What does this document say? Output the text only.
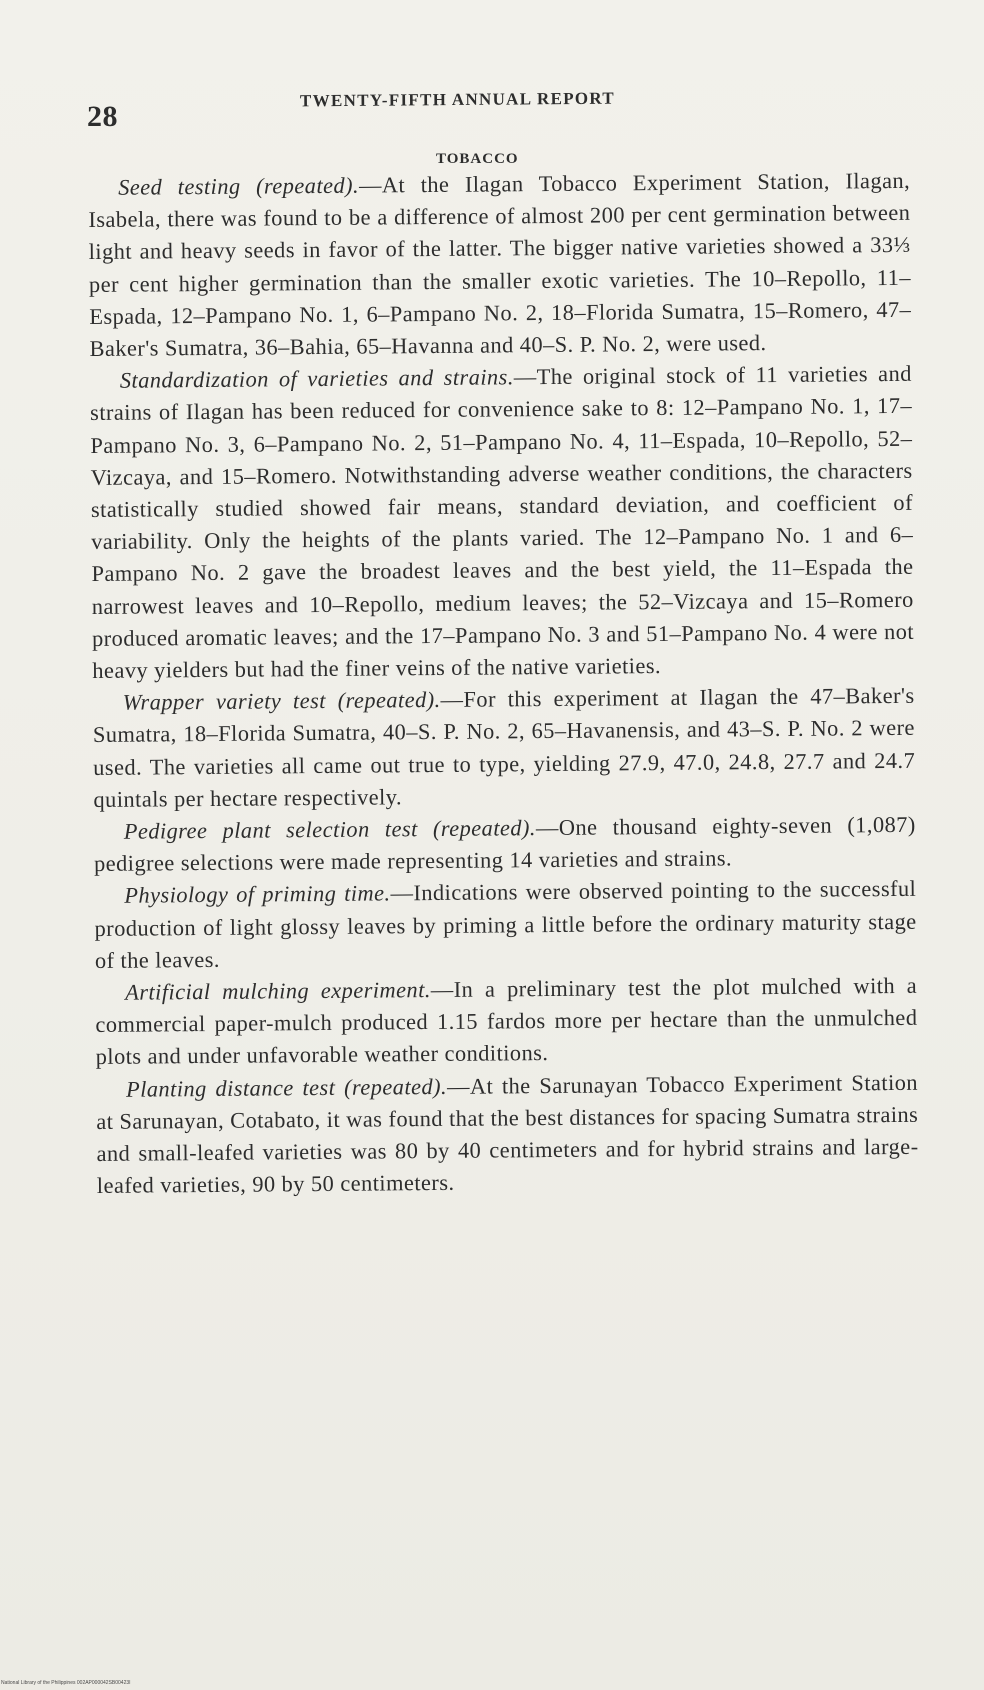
28
TWENTY-FIFTH ANNUAL REPORT
TOBACCO

Seed testing (repeated).—At the Ilagan Tobacco Experiment Station, Ilagan, Isabela, there was found to be a difference of almost 200 per cent germination between light and heavy seeds in favor of the latter. The bigger native varieties showed a 33⅓ per cent higher germination than the smaller exotic varieties. The 10–Repollo, 11–Espada, 12–Pampano No. 1, 6–Pampano No. 2, 18–Florida Sumatra, 15–Romero, 47–Baker's Sumatra, 36–Bahia, 65–Havanna and 40–S. P. No. 2, were used.

Standardization of varieties and strains.—The original stock of 11 varieties and strains of Ilagan has been reduced for convenience sake to 8: 12–Pampano No. 1, 17–Pampano No. 3, 6–Pampano No. 2, 51–Pampano No. 4, 11–Espada, 10–Repollo, 52–Vizcaya, and 15–Romero. Notwithstanding adverse weather conditions, the characters statistically studied showed fair means, standard deviation, and coefficient of variability. Only the heights of the plants varied. The 12–Pampano No. 1 and 6–Pampano No. 2 gave the broadest leaves and the best yield, the 11–Espada the narrowest leaves and 10–Repollo, medium leaves; the 52–Vizcaya and 15–Romero produced aromatic leaves; and the 17–Pampano No. 3 and 51–Pampano No. 4 were not heavy yielders but had the finer veins of the native varieties.

Wrapper variety test (repeated).—For this experiment at Ilagan the 47–Baker's Sumatra, 18–Florida Sumatra, 40–S. P. No. 2, 65–Havanensis, and 43–S. P. No. 2 were used. The varieties all came out true to type, yielding 27.9, 47.0, 24.8, 27.7 and 24.7 quintals per hectare respectively.

Pedigree plant selection test (repeated).—One thousand eighty-seven (1,087) pedigree selections were made representing 14 varieties and strains.

Physiology of priming time.—Indications were observed pointing to the successful production of light glossy leaves by priming a little before the ordinary maturity stage of the leaves.

Artificial mulching experiment.—In a preliminary test the plot mulched with a commercial paper-mulch produced 1.15 fardos more per hectare than the unmulched plots and under unfavorable weather conditions.

Planting distance test (repeated).—At the Sarunayan Tobacco Experiment Station at Sarunayan, Cotabato, it was found that the best distances for spacing Sumatra strains and small-leafed varieties was 80 by 40 centimeters and for hybrid strains and large-leafed varieties, 90 by 50 centimeters.

National Library of the Philippines 002AP000042SB00423I
